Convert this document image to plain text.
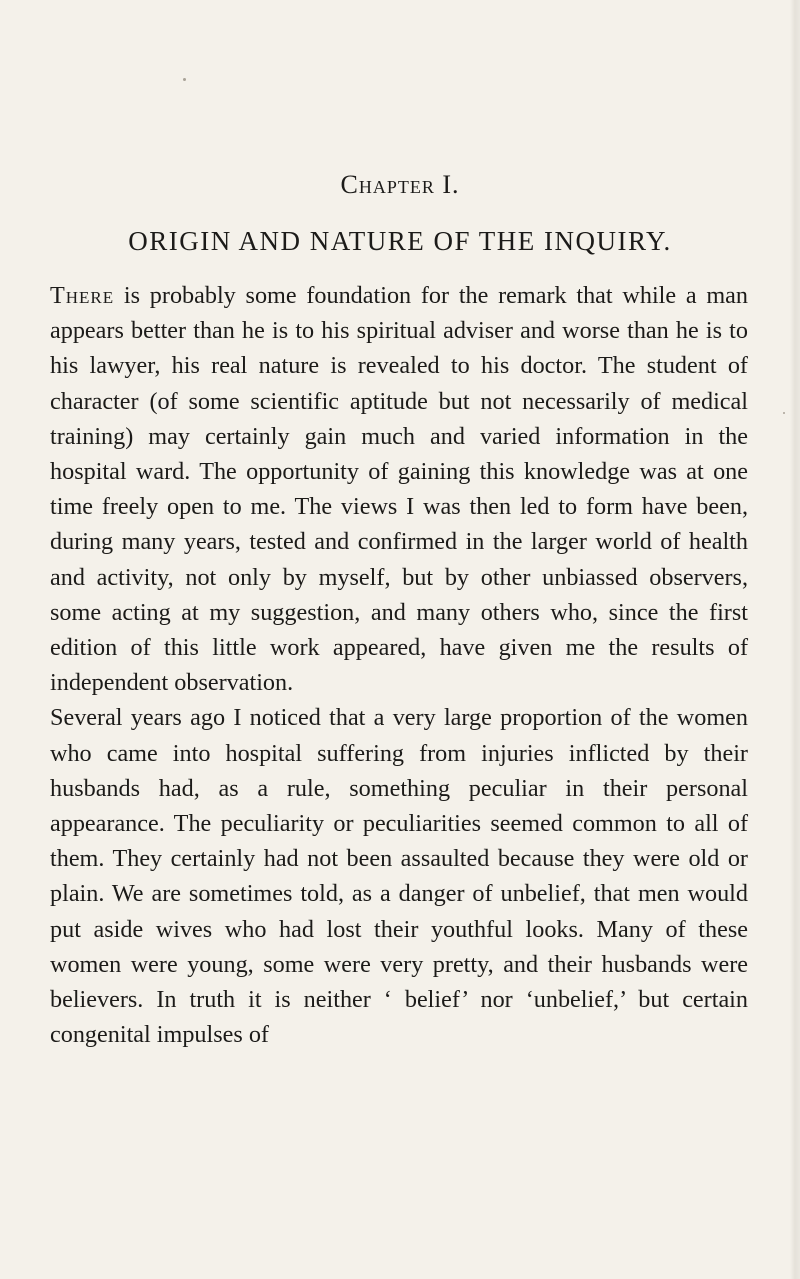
Chapter I.
ORIGIN AND NATURE OF THE INQUIRY.

There is probably some foundation for the remark that while a man appears better than he is to his spiritual adviser and worse than he is to his lawyer, his real nature is revealed to his doctor. The student of character (of some scientific aptitude but not necessarily of medical training) may certainly gain much and varied information in the hospital ward. The opportunity of gaining this knowledge was at one time freely open to me. The views I was then led to form have been, during many years, tested and confirmed in the larger world of health and activity, not only by myself, but by other unbiassed observers, some acting at my suggestion, and many others who, since the first edition of this little work appeared, have given me the results of independent observation.

Several years ago I noticed that a very large proportion of the women who came into hospital suffering from injuries inflicted by their husbands had, as a rule, something peculiar in their personal appearance. The peculiarity or peculiarities seemed common to all of them. They certainly had not been assaulted because they were old or plain. We are sometimes told, as a danger of unbelief, that men would put aside wives who had lost their youthful looks. Many of these women were young, some were very pretty, and their husbands were believers. In truth it is neither ‘ belief’ nor ‘unbelief,’ but certain congenital impulses of
